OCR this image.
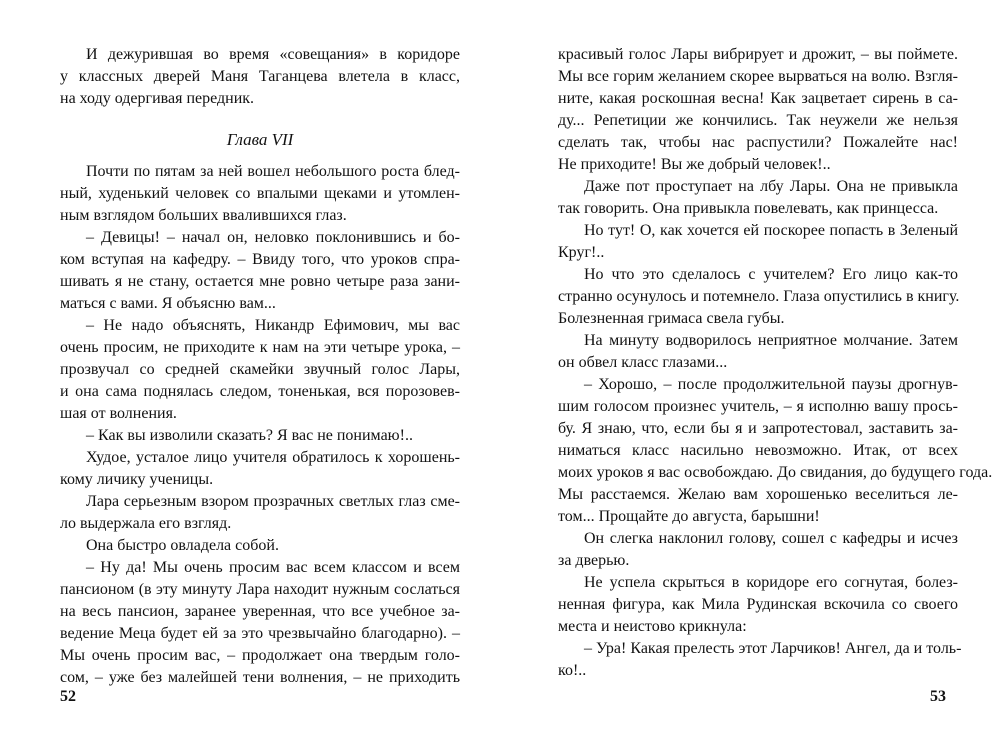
И дежурившая во время «совещания» в коридоре
у классных дверей Маня Таганцева влетела в класс,
на ходу одергивая передник.
Глава VII
Почти по пятам за ней вошел небольшого роста блед-
ный, худенький человек со впалыми щеками и утомлен-
ным взглядом больших ввалившихся глаз.
– Девицы! – начал он, неловко поклонившись и бо-
ком вступая на кафедру. – Ввиду того, что уроков спра-
шивать я не стану, остается мне ровно четыре раза зани-
маться с вами. Я объясню вам...
– Не надо объяснять, Никандр Ефимович, мы вас
очень просим, не приходите к нам на эти четыре урока, –
прозвучал со средней скамейки звучный голос Лары,
и она сама поднялась следом, тоненькая, вся порозовев-
шая от волнения.
– Как вы изволили сказать? Я вас не понимаю!..
Худое, усталое лицо учителя обратилось к хорошень-
кому личику ученицы.
Лара серьезным взором прозрачных светлых глаз сме-
ло выдержала его взгляд.
Она быстро овладела собой.
– Ну да! Мы очень просим вас всем классом и всем
пансионом (в эту минуту Лара находит нужным сослаться
на весь пансион, заранее уверенная, что все учебное за-
ведение Меца будет ей за это чрезвычайно благодарно). –
Мы очень просим вас, – продолжает она твердым голо-
сом, – уже без малейшей тени волнения, – не приходить
красивый голос Лары вибрирует и дрожит, – вы поймете.
Мы все горим желанием скорее вырваться на волю. Взгля-
ните, какая роскошная весна! Как зацветает сирень в са-
ду... Репетиции же кончились. Так неужели же нельзя
сделать так, чтобы нас распустили? Пожалейте нас!
Не приходите! Вы же добрый человек!..
Даже пот проступает на лбу Лары. Она не привыкла
так говорить. Она привыкла повелевать, как принцесса.
Но тут! О, как хочется ей поскорее попасть в Зеленый
Круг!..
Но что это сделалось с учителем? Его лицо как-то
странно осунулось и потемнело. Глаза опустились в книгу.
Болезненная гримаса свела губы.
На минуту водворилось неприятное молчание. Затем
он обвел класс глазами...
– Хорошо, – после продолжительной паузы дрогнув-
шим голосом произнес учитель, – я исполню вашу прось-
бу. Я знаю, что, если бы я и запротестовал, заставить за-
ниматься класс насильно невозможно. Итак, от всех
моих уроков я вас освобождаю. До свидания, до будущего года.
Мы расстаемся. Желаю вам хорошенько веселиться ле-
том... Прощайте до августа, барышни!
Он слегка наклонил голову, сошел с кафедры и исчез
за дверью.
Не успела скрыться в коридоре его согнутая, болез-
ненная фигура, как Мила Рудинская вскочила со своего
места и неистово крикнула:
– Ура! Какая прелесть этот Ларчиков! Ангел, да и толь-
ко!..
52	53
